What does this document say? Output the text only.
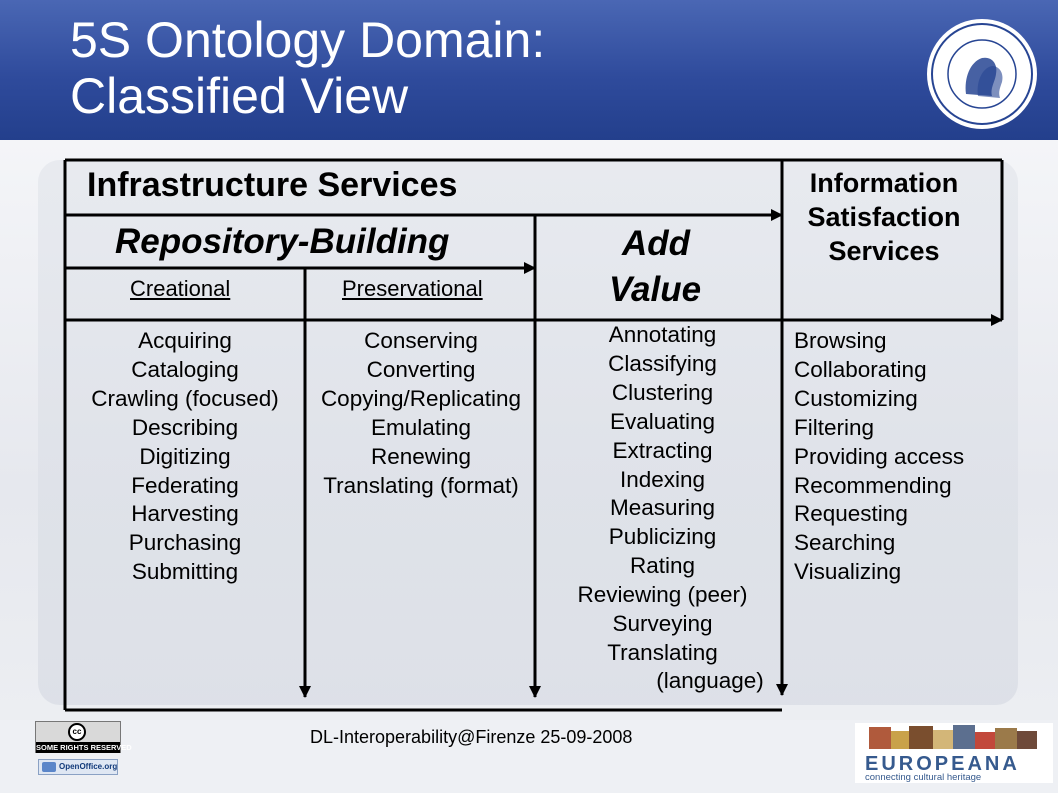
5S Ontology Domain:
Classified View
Infrastructure Services
Repository-Building	Add
Value
Information
Satisfaction
Services
Creational	Preservational
Acquiring
Cataloging
Crawling (focused)
Describing
Digitizing
Federating
Harvesting
Purchasing
Submitting
Conserving
Converting
Copying/Replicating
Emulating
Renewing
Translating (format)
Annotating
Classifying
Clustering
Evaluating
Extracting
Indexing
Measuring
Publicizing
Rating
Reviewing (peer)
Surveying
Translating
(language)
Browsing
Collaborating
Customizing
Filtering
Providing access
Recommending
Requesting
Searching
Visualizing
cc
SOME RIGHTS RESERVED
OpenOffice.org
DL-Interoperability@Firenze 25-09-2008
EUROPEANA
connecting cultural heritage
